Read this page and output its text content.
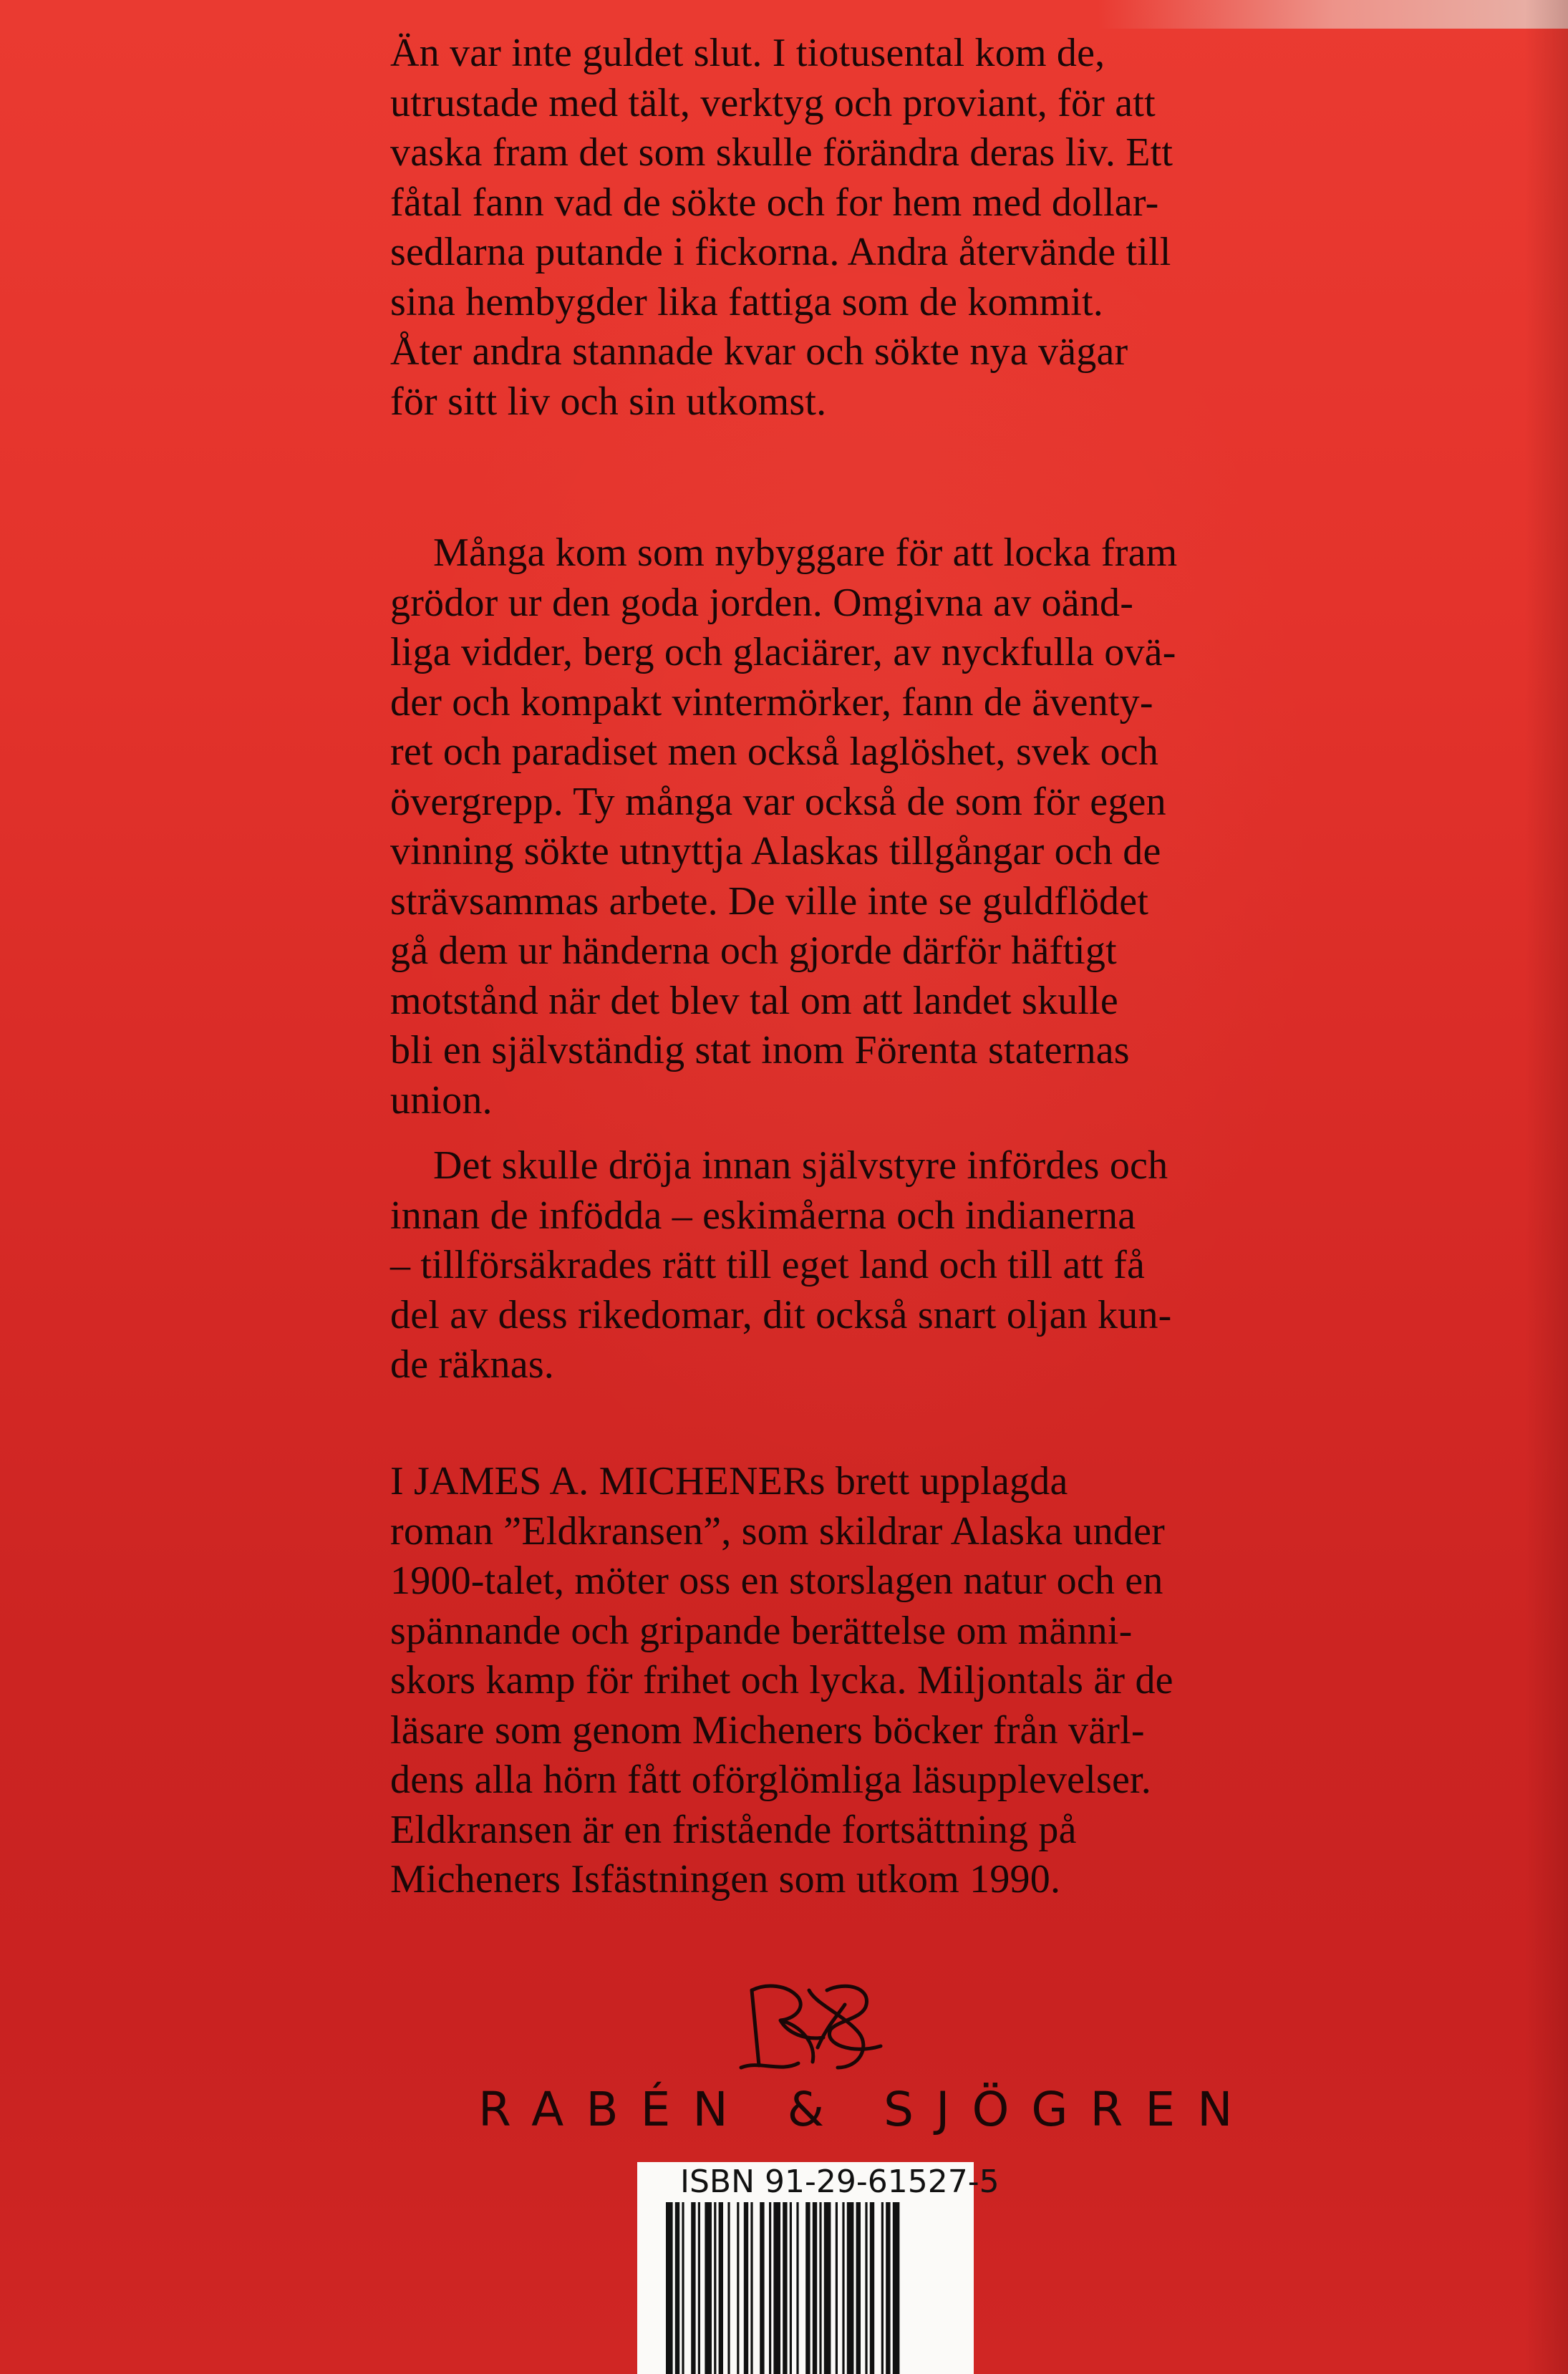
Än var inte guldet slut. I tiotusental kom de,
utrustade med tält, verktyg och proviant, för att
vaska fram det som skulle förändra deras liv. Ett
fåtal fann vad de sökte och for hem med dollar-
sedlarna putande i fickorna. Andra återvände till
sina hembygder lika fattiga som de kommit.
Åter andra stannade kvar och sökte nya vägar
för sitt liv och sin utkomst.
Många kom som nybyggare för att locka fram
grödor ur den goda jorden. Omgivna av oänd-
liga vidder, berg och glaciärer, av nyckfulla ovä-
der och kompakt vintermörker, fann de äventy-
ret och paradiset men också laglöshet, svek och
övergrepp. Ty många var också de som för egen
vinning sökte utnyttja Alaskas tillgångar och de
strävsammas arbete. De ville inte se guldflödet
gå dem ur händerna och gjorde därför häftigt
motstånd när det blev tal om att landet skulle
bli en självständig stat inom Förenta staternas
union.
Det skulle dröja innan självstyre infördes och
innan de infödda – eskimåerna och indianerna
– tillförsäkrades rätt till eget land och till att få
del av dess rikedomar, dit också snart oljan kun-
de räknas.
I JAMES A. MICHENERs brett upplagda
roman ”Eldkransen”, som skildrar Alaska under
1900-talet, möter oss en storslagen natur och en
spännande och gripande berättelse om männi-
skors kamp för frihet och lycka. Miljontals är de
läsare som genom Micheners böcker från värl-
dens alla hörn fått oförglömliga läsupplevelser.
Eldkransen är en fristående fortsättning på
Micheners Isfästningen som utkom 1990.
RABÉN & SJÖGREN
ISBN 91-29-61527-5
